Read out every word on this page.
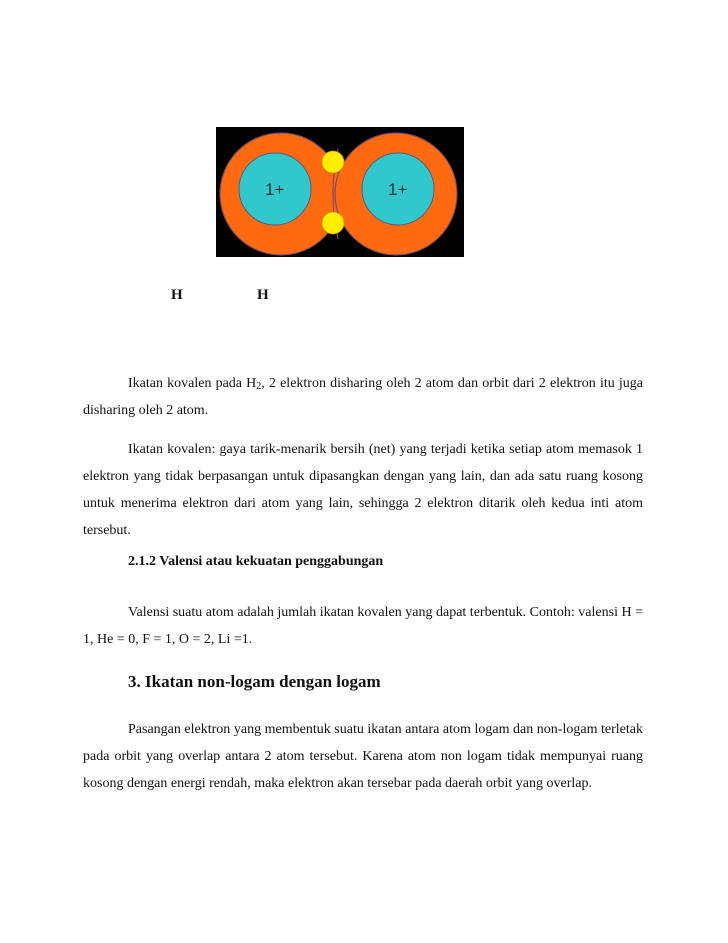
1+	1+
H	H

Ikatan kovalen pada $H_2$, 2 elektron disharing oleh 2 atom dan orbit dari 2 elektron itu juga disharing oleh 2 atom.

Ikatan kovalen: gaya tarik-menarik bersih (net) yang terjadi ketika setiap atom memasok 1 elektron yang tidak berpasangan untuk dipasangkan dengan yang lain, dan ada satu ruang kosong untuk menerima elektron dari atom yang lain, sehingga 2 elektron ditarik oleh kedua inti atom tersebut.

2.1.2 Valensi atau kekuatan penggabungan

Valensi suatu atom adalah jumlah ikatan kovalen yang dapat terbentuk. Contoh: valensi H = 1, He = 0, F = 1, O = 2, Li =1.

3. Ikatan non-logam dengan logam

Pasangan elektron yang membentuk suatu ikatan antara atom logam dan non-logam terletak pada orbit yang overlap antara 2 atom tersebut. Karena atom non logam tidak mempunyai ruang kosong dengan energi rendah, maka elektron akan tersebar pada daerah orbit yang overlap.
